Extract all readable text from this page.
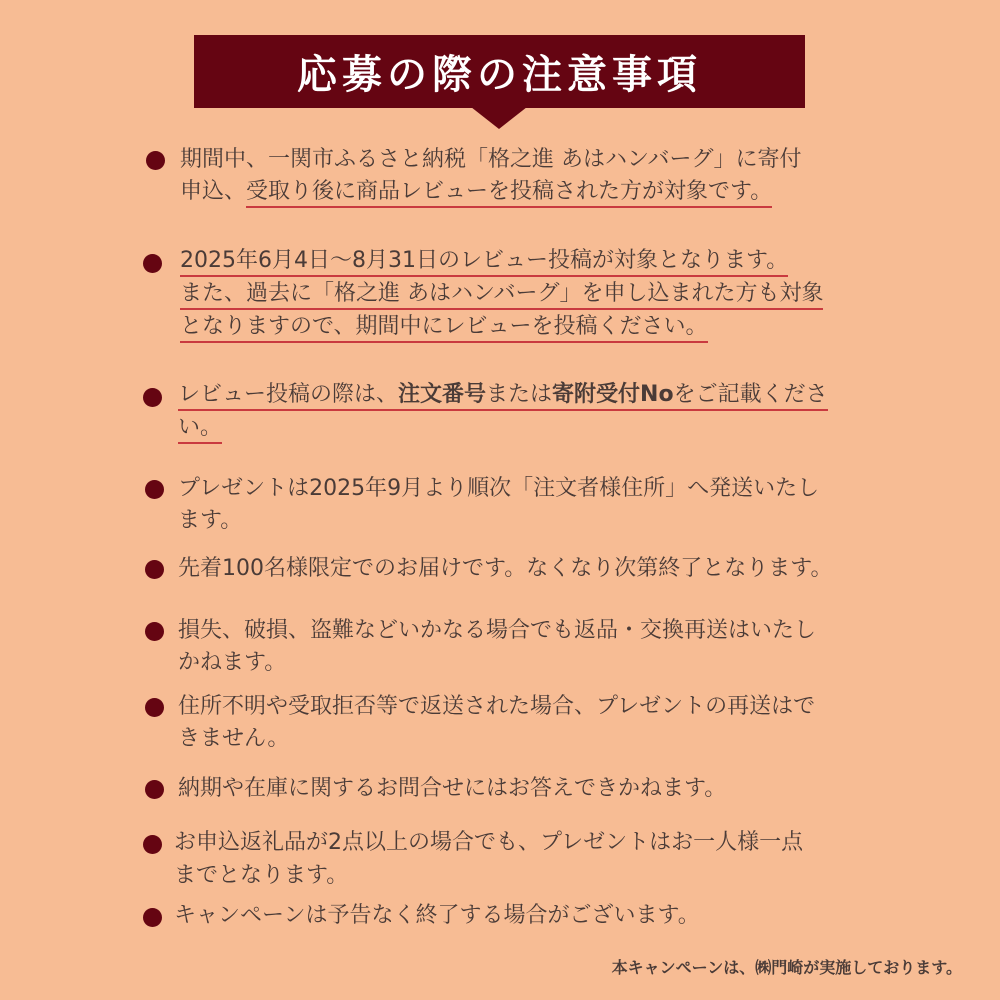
応募の際の注意事項
期間中、一関市ふるさと納税「格之進 あはハンバーグ」に寄付
申込、受取り後に商品レビューを投稿された方が対象です。
2025年6月4日～8月31日のレビュー投稿が対象となります。
また、過去に「格之進 あはハンバーグ」を申し込まれた方も対象
となりますので、期間中にレビューを投稿ください。
レビュー投稿の際は、注文番号または寄附受付Noをご記載くださ
い。
プレゼントは2025年9月より順次「注文者様住所」へ発送いたし
ます。
先着100名様限定でのお届けです。なくなり次第終了となります。
損失、破損、盗難などいかなる場合でも返品・交換再送はいたし
かねます。
住所不明や受取拒否等で返送された場合、プレゼントの再送はで
きません。
納期や在庫に関するお問合せにはお答えできかねます。
お申込返礼品が2点以上の場合でも、プレゼントはお一人様一点
までとなります。
キャンペーンは予告なく終了する場合がございます。
本キャンペーンは、㈱門崎が実施しております。
